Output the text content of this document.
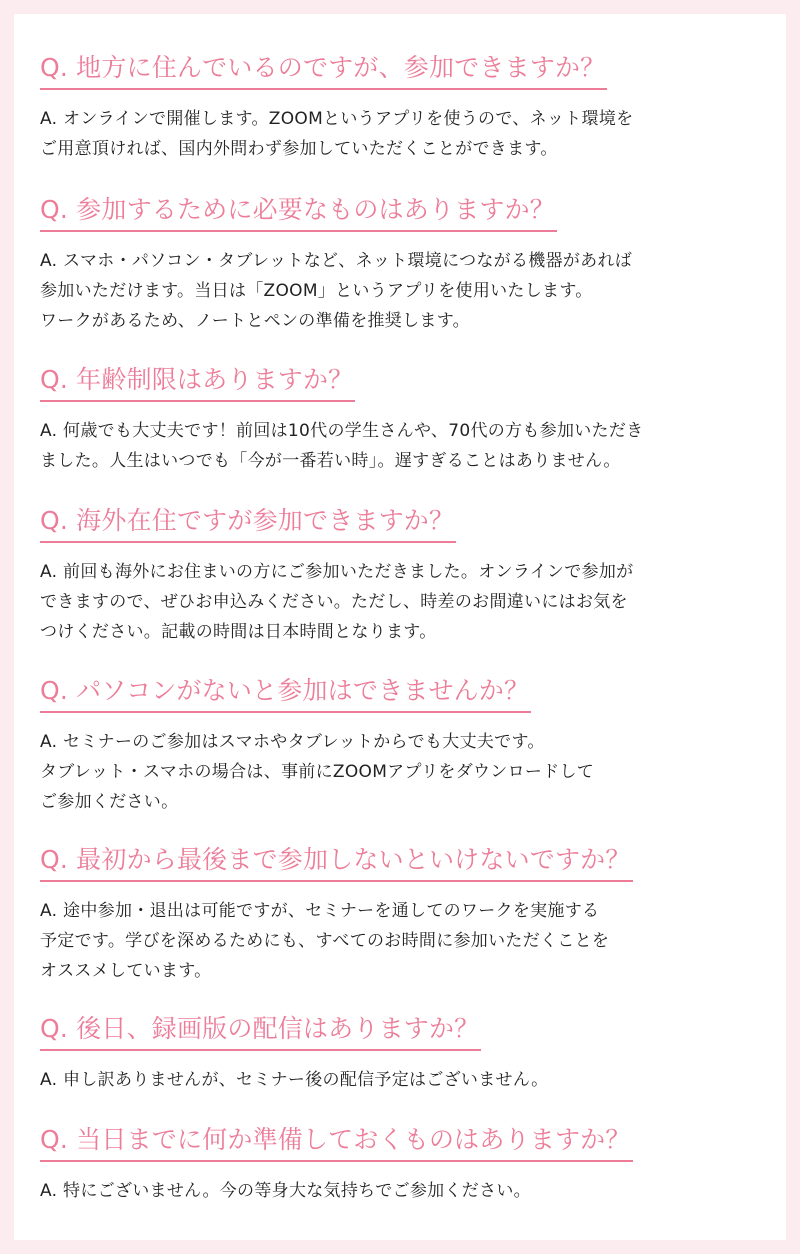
Q. 地方に住んでいるのですが、参加できますか？

A. オンラインで開催します。ZOOMというアプリを使うので、ネット環境を
ご用意頂ければ、国内外問わず参加していただくことができます。

Q. 参加するために必要なものはありますか？

A. スマホ・パソコン・タブレットなど、ネット環境につながる機器があれば
参加いただけます。当日は「ZOOM」というアプリを使用いたします。
ワークがあるため、ノートとペンの準備を推奨します。

Q. 年齢制限はありますか？

A. 何歳でも大丈夫です！前回は10代の学生さんや、70代の方も参加いただき
ました。人生はいつでも「今が一番若い時」。遅すぎることはありません。

Q. 海外在住ですが参加できますか？

A. 前回も海外にお住まいの方にご参加いただきました。オンラインで参加が
できますので、ぜひお申込みください。ただし、時差のお間違いにはお気を
つけください。記載の時間は日本時間となります。

Q. パソコンがないと参加はできませんか？

A. セミナーのご参加はスマホやタブレットからでも大丈夫です。
タブレット・スマホの場合は、事前にZOOMアプリをダウンロードして
ご参加ください。

Q. 最初から最後まで参加しないといけないですか？

A. 途中参加・退出は可能ですが、セミナーを通してのワークを実施する
予定です。学びを深めるためにも、すべてのお時間に参加いただくことを
オススメしています。

Q. 後日、録画版の配信はありますか？

A. 申し訳ありませんが、セミナー後の配信予定はございません。

Q. 当日までに何か準備しておくものはありますか？

A. 特にございません。今の等身大な気持ちでご参加ください。
